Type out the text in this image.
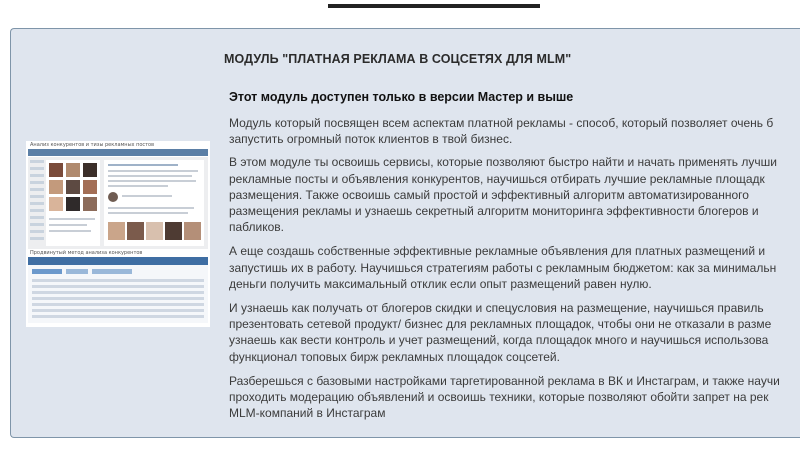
МОДУЛЬ "ПЛАТНАЯ РЕКЛАМА В СОЦСЕТЯХ ДЛЯ MLM"
Анализ конкурентов и тизы рекламных постов
Продвинутый метод анализа конкурентов
Этот модуль доступен только в версии Мастер и выше

Модуль который посвящен всем аспектам платной рекламы - способ, который позволяет очень б
запустить огромный поток клиентов в твой бизнес.

В этом модуле ты освоишь сервисы, которые позволяют быстро найти и начать применять лучши
рекламные посты и объявления конкурентов, научишься отбирать лучшие рекламные площадк
размещения. Также освоишь самый простой и эффективный алгоритм автоматизированного
размещения рекламы и узнаешь секретный алгоритм мониторинга эффективности блогеров и
пабликов.

А еще создашь собственные эффективные рекламные объявления для платных размещений и
запустишь их в работу. Научишься стратегиям работы с рекламным бюджетом: как за минимальн
деньги получить максимальный отклик если опыт размещений равен нулю.

И узнаешь как получать от блогеров скидки и спецусловия на размещение, научишься правиль
презентовать сетевой продукт/ бизнес для рекламных площадок, чтобы они не отказали в разме
узнаешь как вести контроль и учет размещений, когда площадок много и научишься использова
функционал топовых бирж рекламных площадок соцсетей.

Разберешься с базовыми настройками таргетированной реклама в ВК и Инстаграм, и также научи
проходить модерацию объявлений и освоишь техники, которые позволяют обойти запрет на рек
MLM-компаний в Инстаграм
